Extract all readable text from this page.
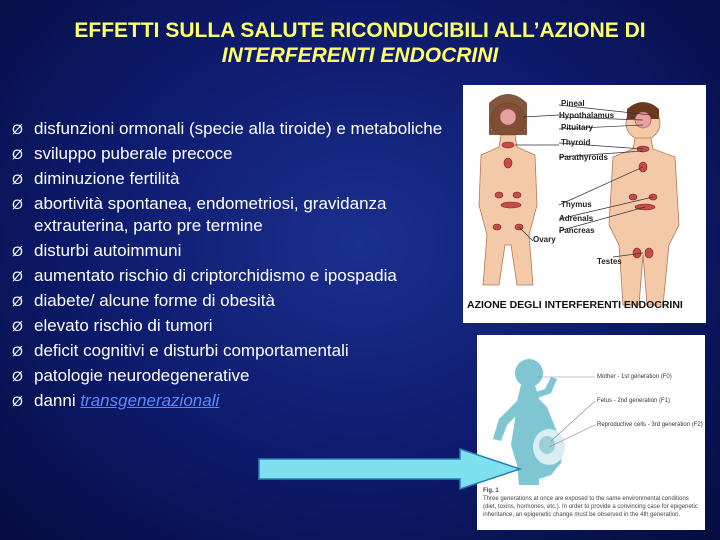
EFFETTI SULLA SALUTE RICONDUCIBILI ALL’AZIONE DI
INTERFERENTI ENDOCRINI
Ø disfunzioni ormonali (specie alla tiroide) e metaboliche
Ø sviluppo puberale precoce
Ø diminuzione fertilità
Ø abortività spontanea, endometriosi, gravidanza extrauterina, parto pre termine
Ø disturbi autoimmuni
Ø aumentato rischio di criptorchidismo e ipospadia
Ø diabete/ alcune forme di obesità
Ø elevato rischio di tumori
Ø deficit cognitivi e disturbi comportamentali
Ø patologie neurodegenerative
Ø danni transgenerazionali
Pineal
Hypothalamus
Pituitary
Thyroid
Parathyroids
Thymus
Adrenals
Pancreas
Ovary
Testes
AZIONE DEGLI INTERFERENTI ENDOCRINI
Mother - 1st generation (F0)
Fetus - 2nd generation (F1)
Reproductive cells - 3rd generation (F2)
Fig. 1
Three generations at once are exposed to the same environmental conditions (diet, toxins, hormones, etc.). In order to provide a convincing case for epigenetic inheritance, an epigenetic change must be observed in the 4th generation.
